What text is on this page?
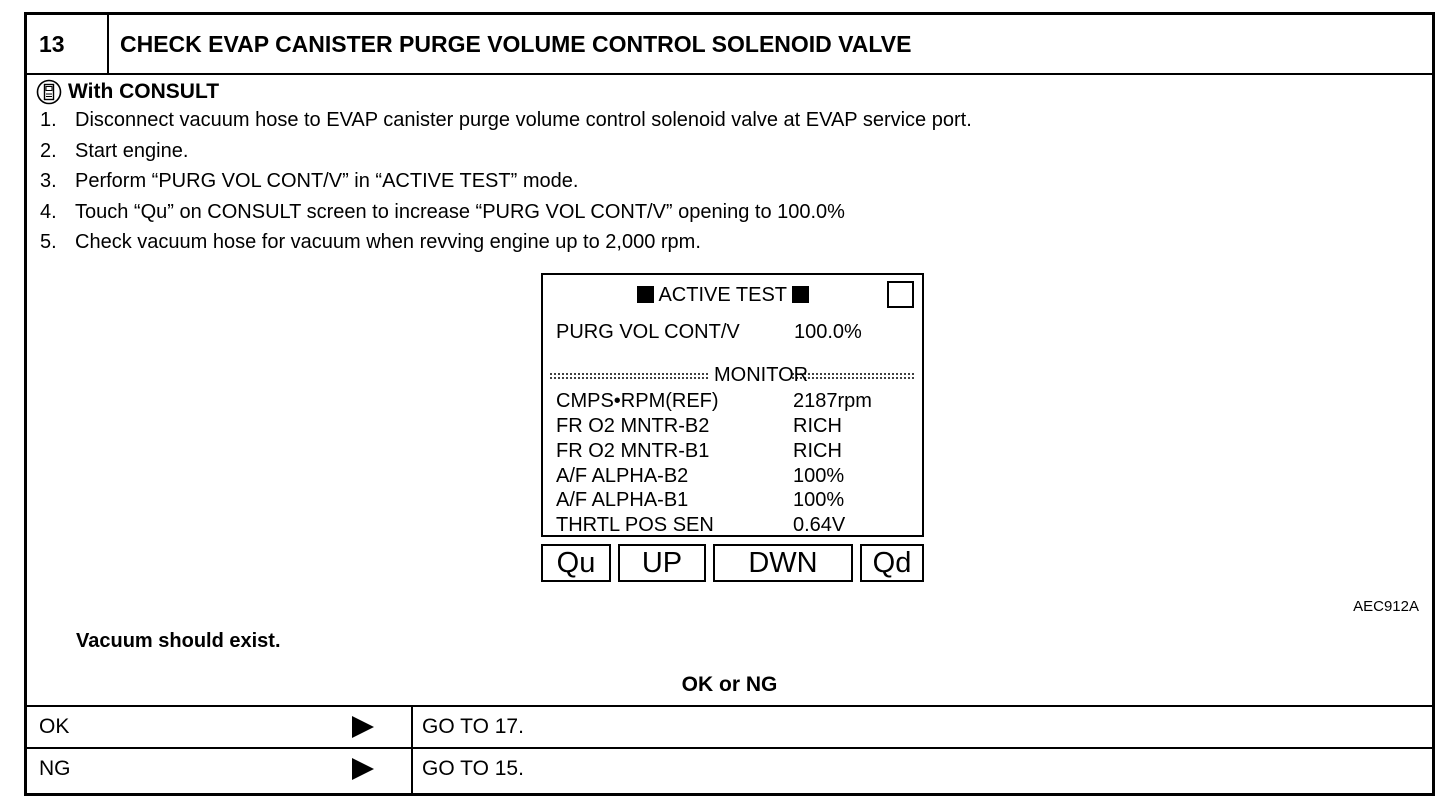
13	CHECK EVAP CANISTER PURGE VOLUME CONTROL SOLENOID VALVE
With CONSULT
1. Disconnect vacuum hose to EVAP canister purge volume control solenoid valve at EVAP service port.
2. Start engine.
3. Perform “PURG VOL CONT/V” in “ACTIVE TEST” mode.
4. Touch “Qu” on CONSULT screen to increase “PURG VOL CONT/V” opening to 100.0%
5. Check vacuum hose for vacuum when revving engine up to 2,000 rpm.
ACTIVE TEST
PURG VOL CONT/V	100.0%
MONITOR
CMPS•RPM(REF)	2187rpm
FR O2 MNTR-B2	RICH
FR O2 MNTR-B1	RICH
A/F ALPHA-B2	100%
A/F ALPHA-B1	100%
THRTL POS SEN	0.64V
Qu	UP	DWN	Qd
AEC912A
Vacuum should exist.
OK or NG
OK	GO TO 17.
NG	GO TO 15.
